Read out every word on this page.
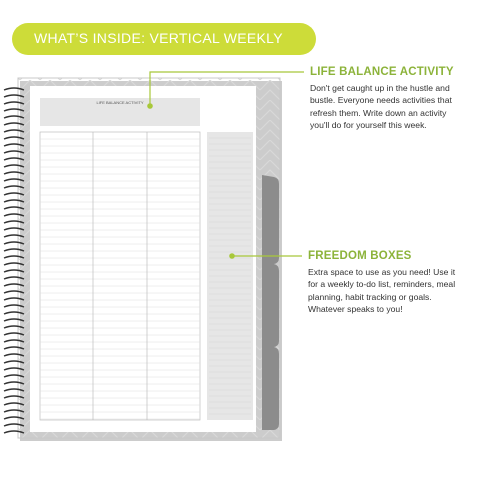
WHAT’S INSIDE: VERTICAL WEEKLY
LIFE BALANCE ACTIVITY
LIFE BALANCE ACTIVITY
Don't get caught up in the hustle and bustle. Everyone needs activities that refresh them. Write down an activity you'll do for yourself this week.
FREEDOM BOXES
Extra space to use as you need! Use it for a weekly to-do list, reminders, meal planning, habit tracking or goals. Whatever speaks to you!
